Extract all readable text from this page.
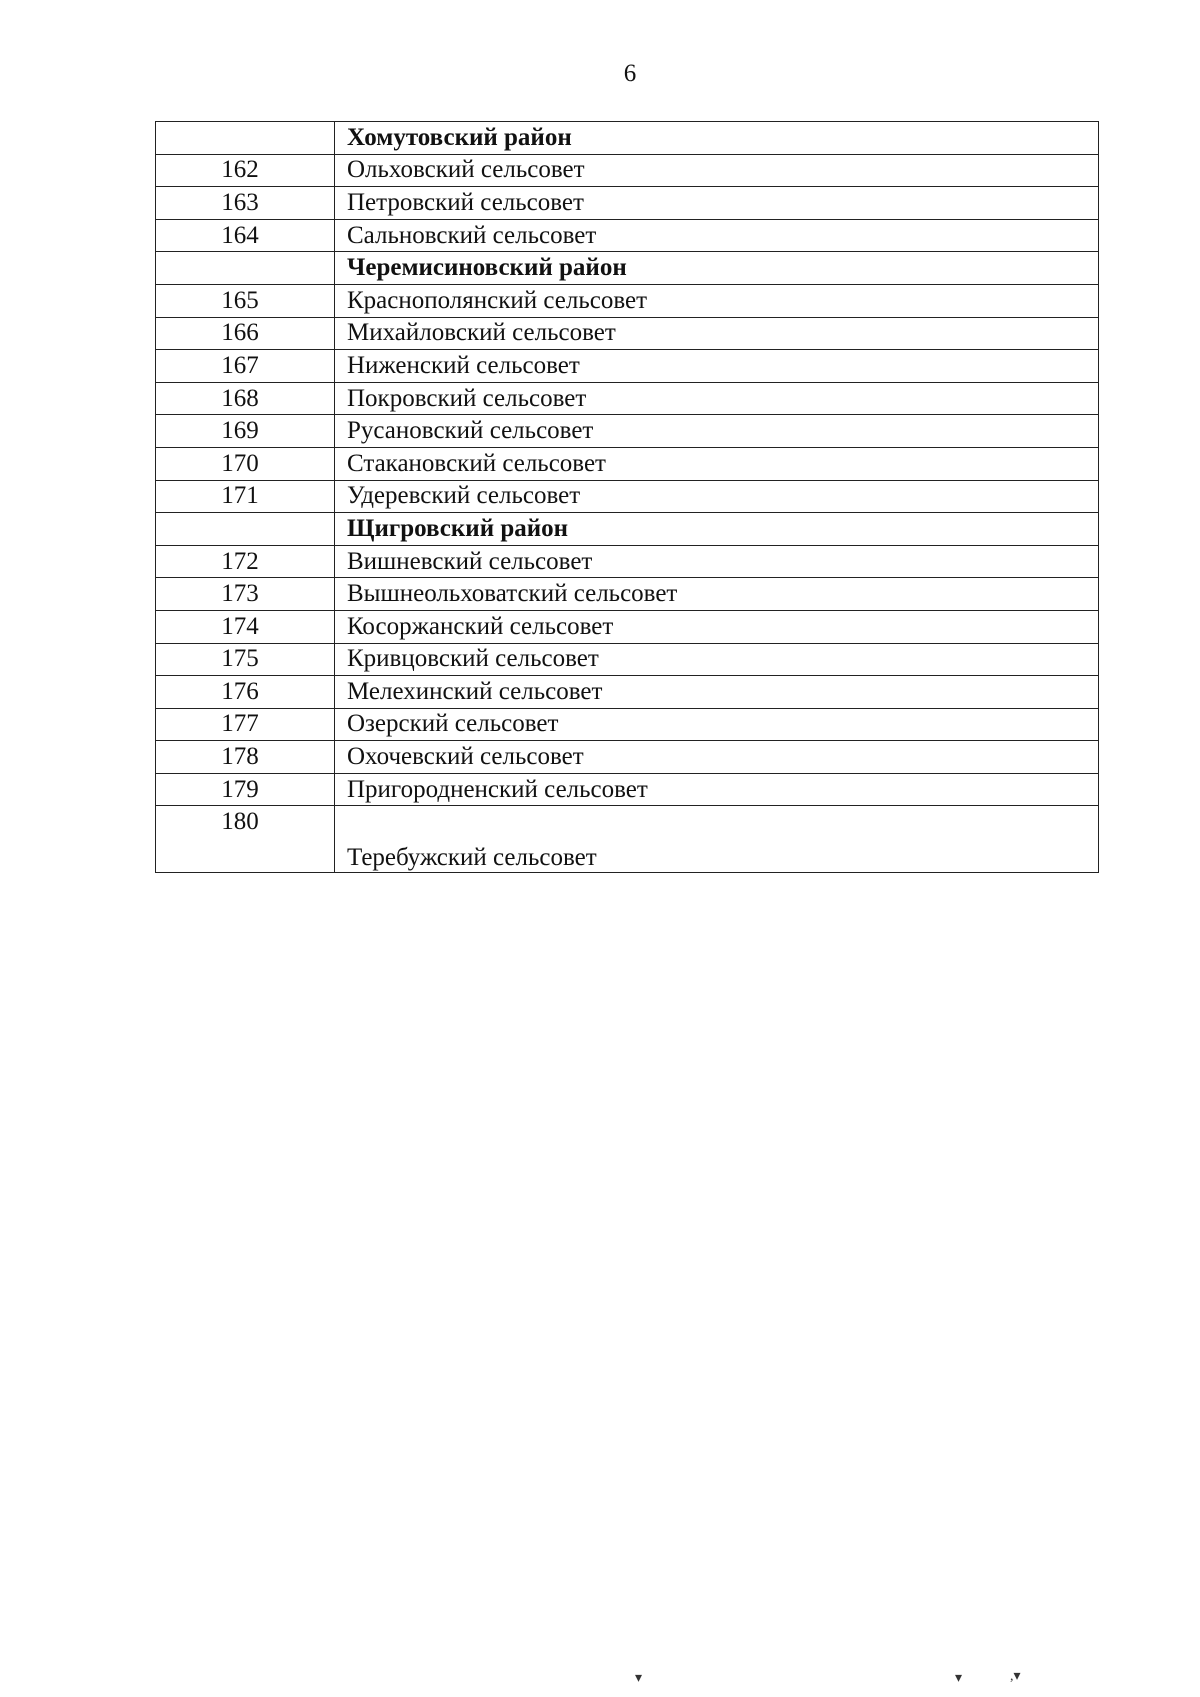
6
	Хомутовский район
162	Ольховский сельсовет
163	Петровский сельсовет
164	Сальновский сельсовет
	Черемисиновский район
165	Краснополянский сельсовет
166	Михайловский сельсовет
167	Ниженский сельсовет
168	Покровский сельсовет
169	Русановский сельсовет
170	Стакановский сельсовет
171	Удеревский сельсовет
	Щигровский район
172	Вишневский сельсовет
173	Вышнеольховатский сельсовет
174	Косоржанский сельсовет
175	Кривцовский сельсовет
176	Мелехинский сельсовет
177	Озерский сельсовет
178	Охочевский сельсовет
179	Пригородненский сельсовет
180	Теребужский сельсовет
▾	▾	,▾
